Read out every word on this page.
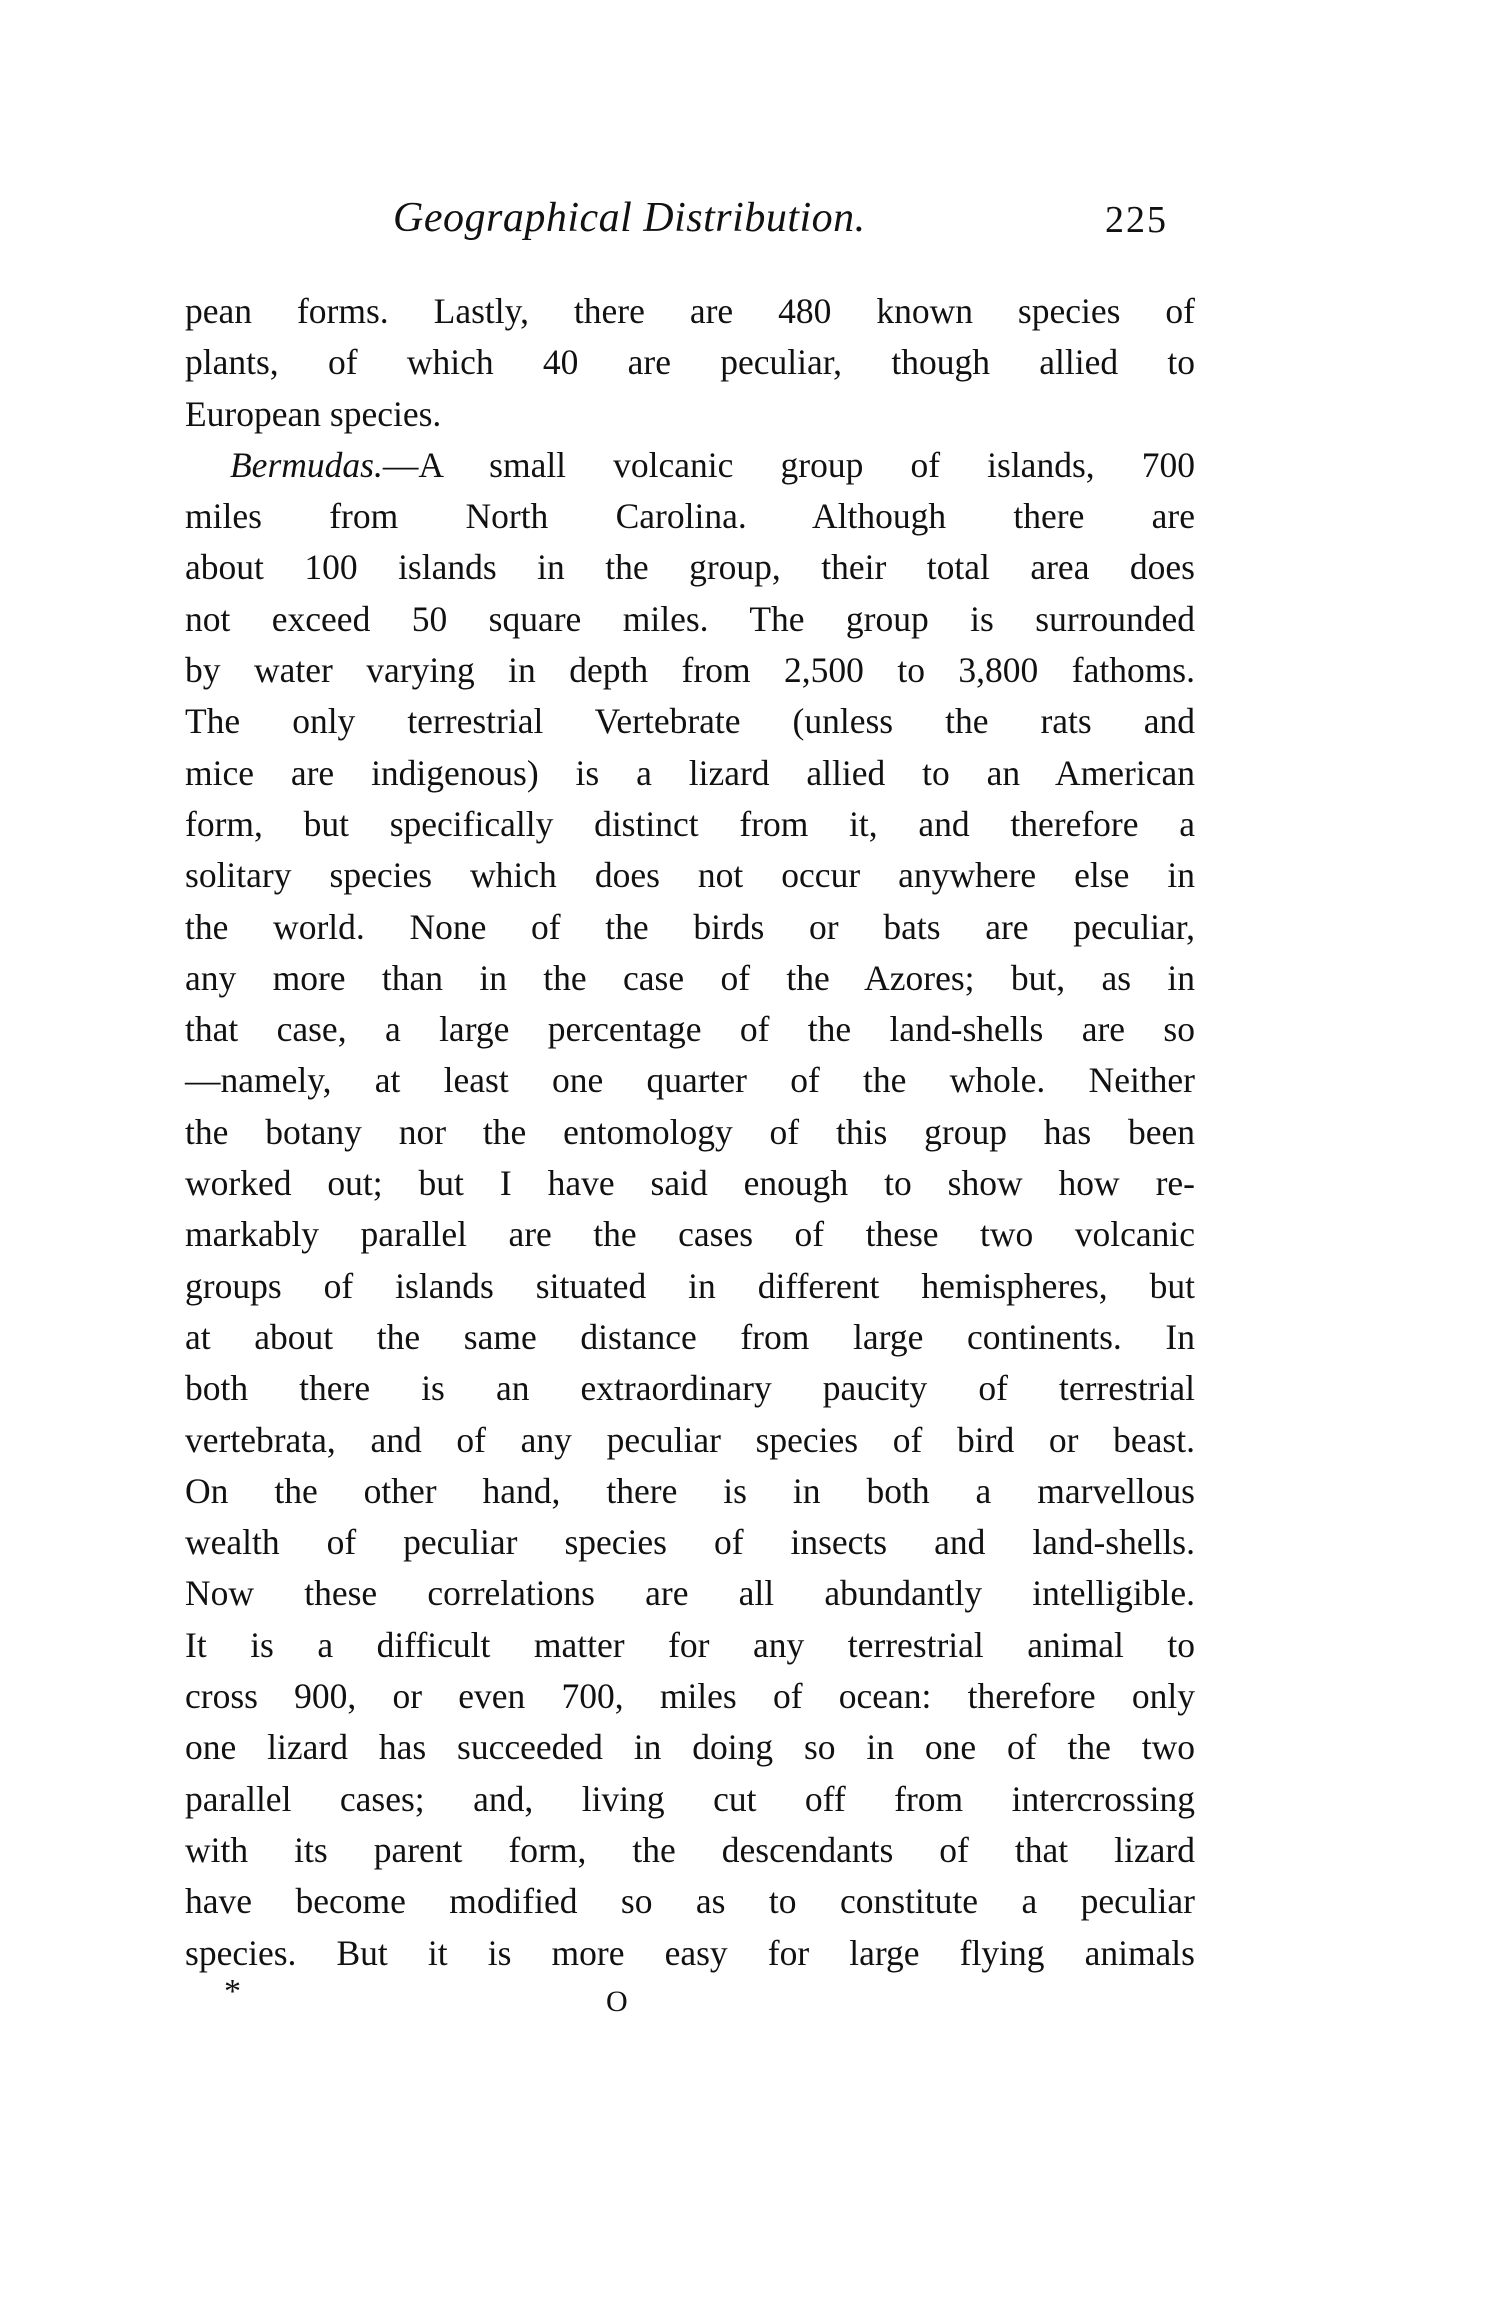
Geographical Distribution.	225
pean forms. Lastly, there are 480 known species of
plants, of which 40 are peculiar, though allied to
European species.
Bermudas.—A small volcanic group of islands, 700
miles from North Carolina. Although there are
about 100 islands in the group, their total area does
not exceed 50 square miles. The group is surrounded
by water varying in depth from 2,500 to 3,800 fathoms.
The only terrestrial Vertebrate (unless the rats and
mice are indigenous) is a lizard allied to an American
form, but specifically distinct from it, and therefore a
solitary species which does not occur anywhere else in
the world. None of the birds or bats are peculiar,
any more than in the case of the Azores; but, as in
that case, a large percentage of the land-shells are so
—namely, at least one quarter of the whole. Neither
the botany nor the entomology of this group has been
worked out; but I have said enough to show how re-
markably parallel are the cases of these two volcanic
groups of islands situated in different hemispheres, but
at about the same distance from large continents. In
both there is an extraordinary paucity of terrestrial
vertebrata, and of any peculiar species of bird or beast.
On the other hand, there is in both a marvellous
wealth of peculiar species of insects and land-shells.
Now these correlations are all abundantly intelligible.
It is a difficult matter for any terrestrial animal to
cross 900, or even 700, miles of ocean: therefore only
one lizard has succeeded in doing so in one of the two
parallel cases; and, living cut off from intercrossing
with its parent form, the descendants of that lizard
have become modified so as to constitute a peculiar
species. But it is more easy for large flying animals
*	O
